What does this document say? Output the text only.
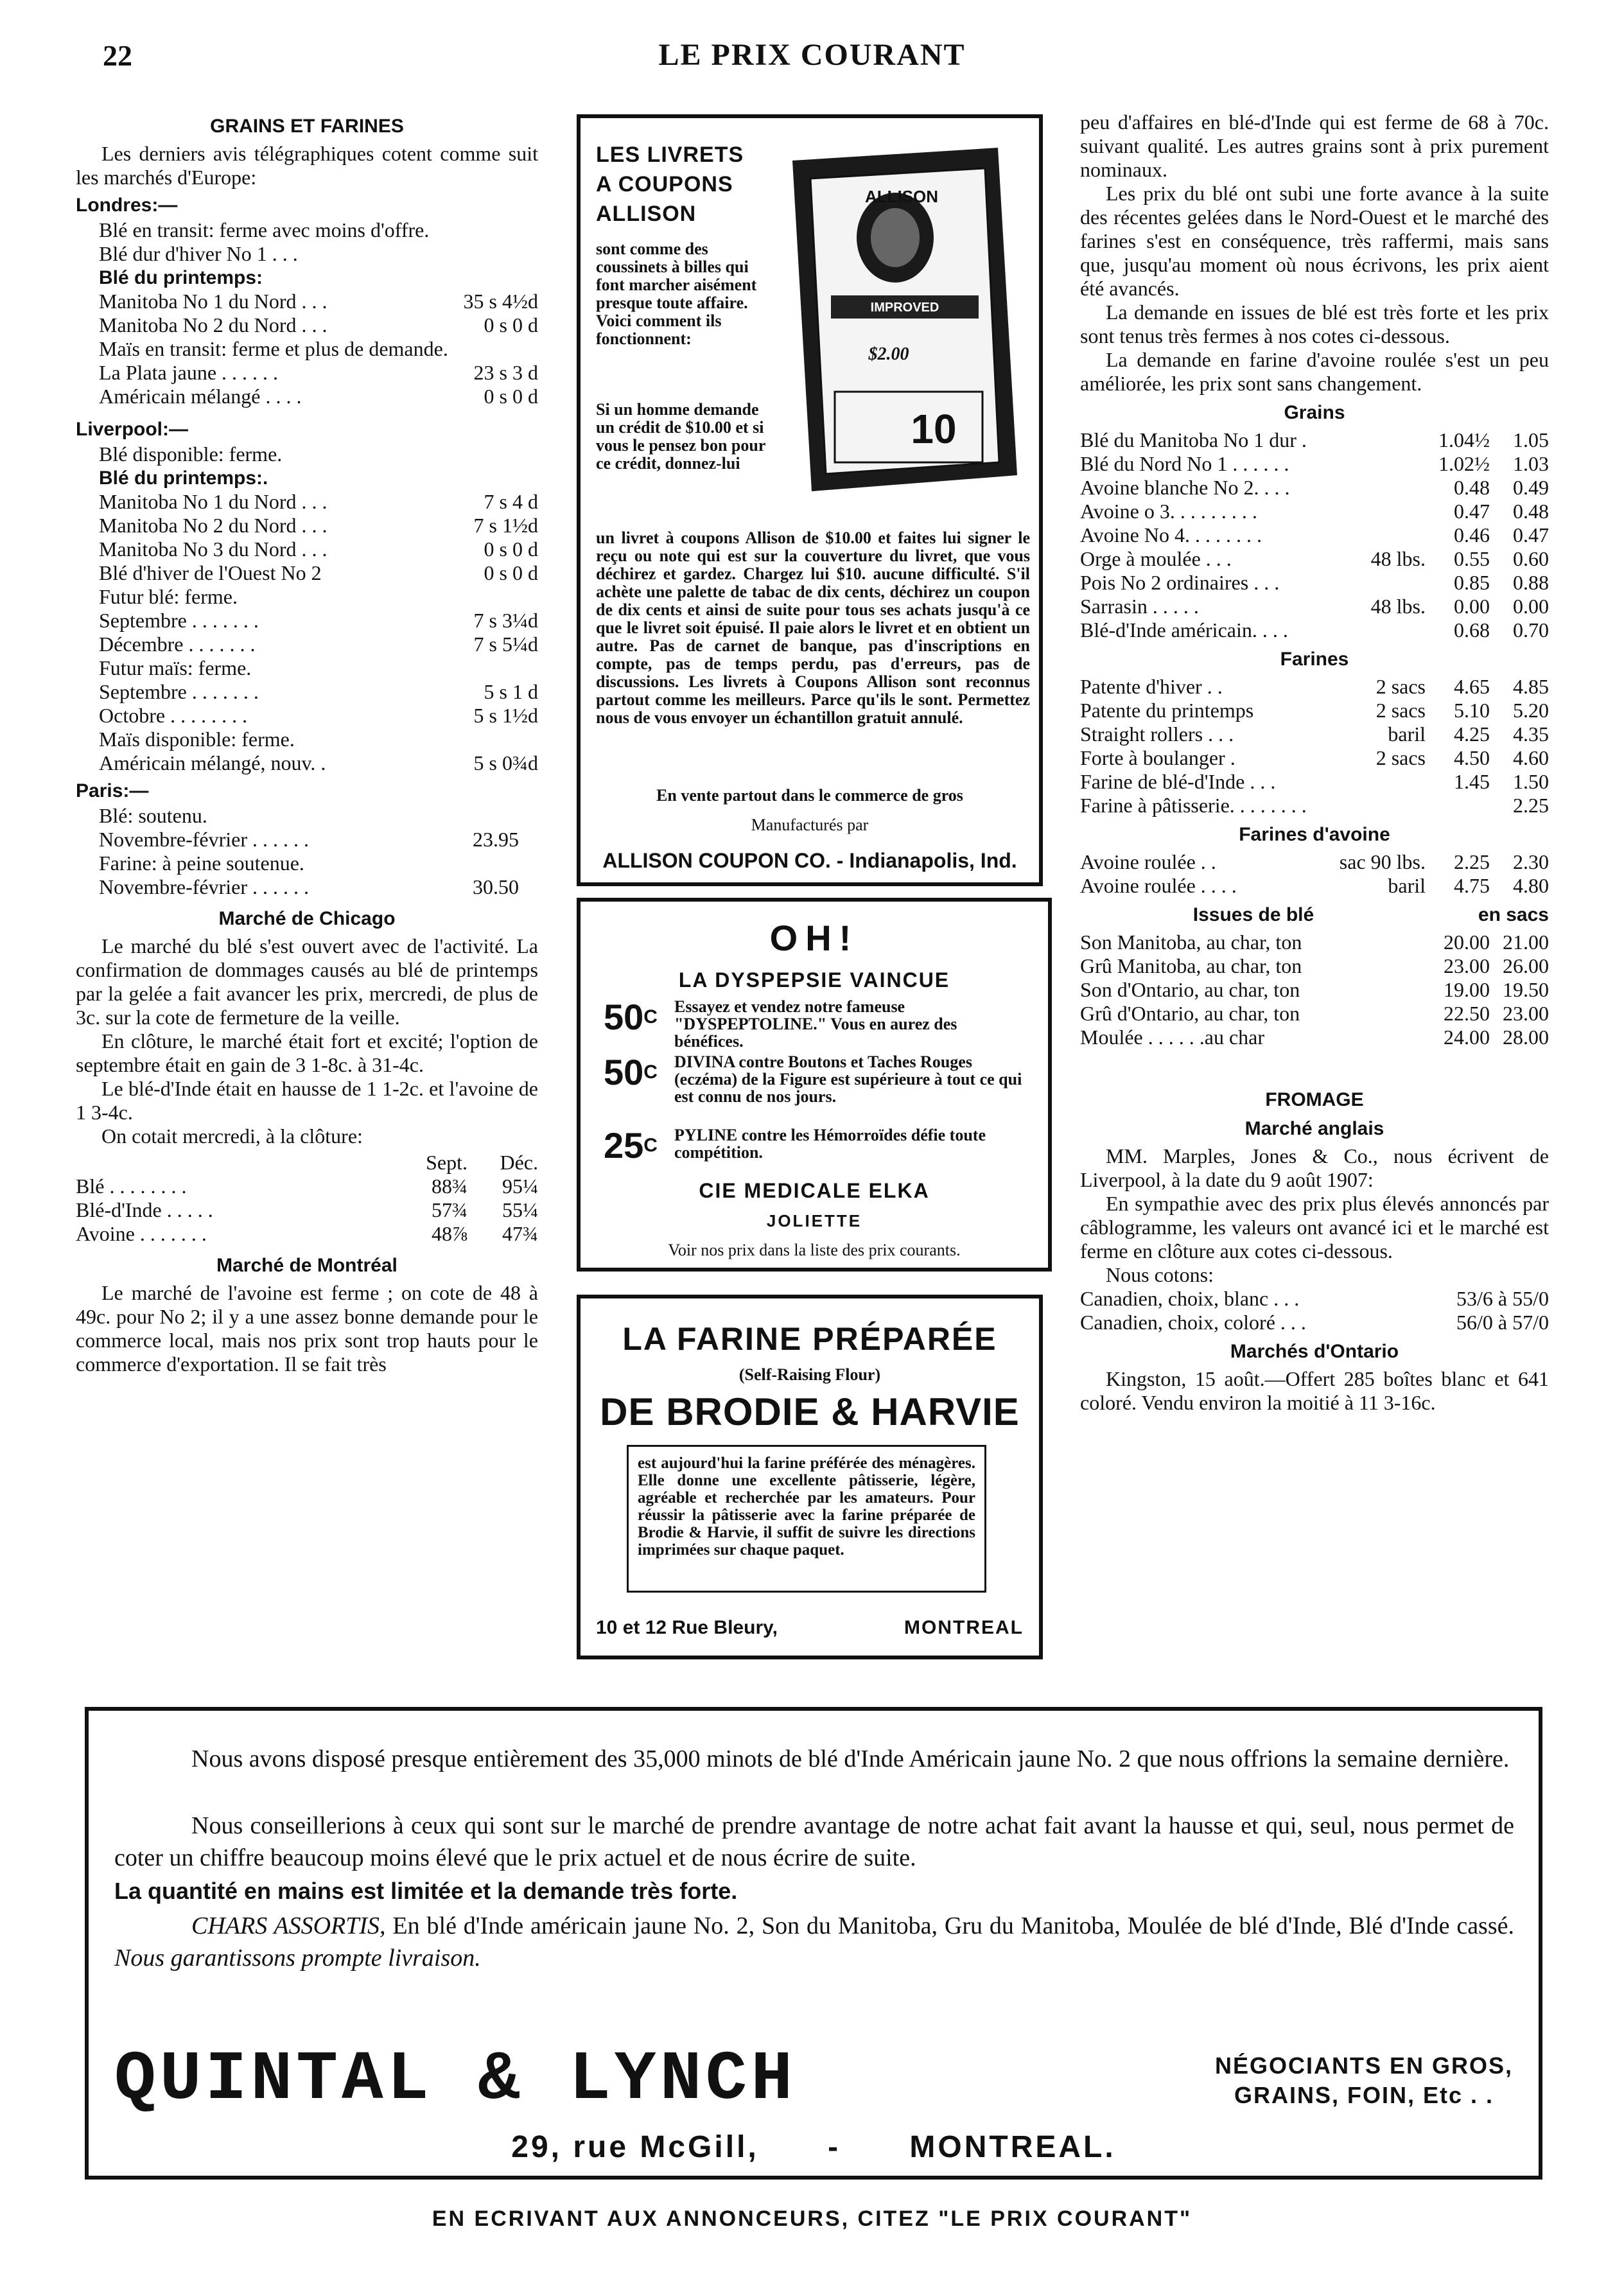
22	LE PRIX COURANT
GRAINS ET FARINES

Les derniers avis télégraphiques cotent comme suit les marchés d'Europe:

Londres:—
Blé en transit: ferme avec moins d'offre.
Blé dur d'hiver No 1 . . .
Blé du printemps:
Manitoba No 1 du Nord . . .	35 s 4½d
Manitoba No 2 du Nord . . .	0 s 0 d
Maïs en transit: ferme et plus de demande.
La Plata jaune . . . . . .	23 s 3 d
Américain mélangé . . . .	0 s 0 d
Liverpool:—
Blé disponible: ferme.
Blé du printemps:.
Manitoba No 1 du Nord . . .	7 s 4 d
Manitoba No 2 du Nord . . .	7 s 1½d
Manitoba No 3 du Nord . . .	0 s 0 d
Blé d'hiver de l'Ouest No 2	0 s 0 d
Futur blé: ferme.
Septembre . . . . . . .	7 s 3¼d
Décembre . . . . . . .	7 s 5¼d
Futur maïs: ferme.
Septembre . . . . . . .	5 s 1 d
Octobre . . . . . . . .	5 s 1½d
Maïs disponible: ferme.
Américain mélangé, nouv. .	5 s 0¾d
Paris:—
Blé: soutenu.
Novembre-février . . . . . .	23.95
Farine: à peine soutenue.
Novembre-février . . . . . .	30.50
Marché de Chicago

Le marché du blé s'est ouvert avec de l'activité. La confirmation de dommages causés au blé de printemps par la gelée a fait avancer les prix, mercredi, de plus de 3c. sur la cote de fermeture de la veille.

En clôture, le marché était fort et excité; l'option de septembre était en gain de 3 1-8c. à 31-4c.

Le blé-d'Inde était en hausse de 1 1-2c. et l'avoine de 1 3-4c.

On cotait mercredi, à la clôture:

Sept.	Déc.
Blé . . . . . . . .	88¾	95¼
Blé-d'Inde . . . . .	57¾	55¼
Avoine . . . . . . .	48⅞	47¾
Marché de Montréal

Le marché de l'avoine est ferme ; on cote de 48 à 49c. pour No 2; il y a une assez bonne demande pour le commerce local, mais nos prix sont trop hauts pour le commerce d'exportation. Il se fait très

peu d'affaires en blé-d'Inde qui est ferme de 68 à 70c. suivant qualité. Les autres grains sont à prix purement nominaux.

Les prix du blé ont subi une forte avance à la suite des récentes gelées dans le Nord-Ouest et le marché des farines s'est en conséquence, très raffermi, mais sans que, jusqu'au moment où nous écrivons, les prix aient été avancés.

La demande en issues de blé est très forte et les prix sont tenus très fermes à nos cotes ci-dessous.

La demande en farine d'avoine roulée s'est un peu améliorée, les prix sont sans changement.

Grains
Blé du Manitoba No 1 dur .	1.04½	1.05
Blé du Nord No 1 . . . . . .	1.02½	1.03
Avoine blanche No 2. . . .	0.48	0.49
Avoine o 3. . . . . . . . .	0.47	0.48
Avoine No 4. . . . . . . .	0.46	0.47
Orge à moulée . . .	48 lbs.	0.55	0.60
Pois No 2 ordinaires . . .	0.85	0.88
Sarrasin . . . . .	48 lbs.	0.00	0.00
Blé-d'Inde américain. . . .	0.68	0.70
Farines
Patente d'hiver . .	2 sacs	4.65	4.85
Patente du printemps	2 sacs	5.10	5.20
Straight rollers . . .	baril	4.25	4.35
Forte à boulanger .	2 sacs	4.50	4.60
Farine de blé-d'Inde . . .	1.45	1.50
Farine à pâtisserie. . . . . . . .	2.25
Farines d'avoine
Avoine roulée . .	sac 90 lbs.	2.25	2.30
Avoine roulée . . . .	baril	4.75	4.80
Issues de blé	en sacs
Son Manitoba, au char, ton	20.00 21.00
Grû Manitoba, au char, ton	23.00 26.00
Son d'Ontario, au char, ton	19.00 19.50
Grû d'Ontario, au char, ton	22.50 23.00
Moulée . . . . . .au char	24.00 28.00
FROMAGE
Marché anglais

MM. Marples, Jones & Co., nous écrivent de Liverpool, à la date du 9 août 1907:

En sympathie avec des prix plus élevés annoncés par câblogramme, les valeurs ont avancé ici et le marché est ferme en clôture aux cotes ci-dessous.

Nous cotons:

Canadien, choix, blanc . . .	53/6 à 55/0
Canadien, choix, coloré . . .	56/0 à 57/0
Marchés d'Ontario

Kingston, 15 août.—Offert 285 boîtes blanc et 641 coloré. Vendu environ la moitié à 11 3-16c.

LES LIVRETS
A COUPONS
ALLISON
sont comme des coussinets à billes qui font marcher aisément presque toute affaire. Voici comment ils fonctionnent:
Si un homme demande un crédit de $10.00 et si vous le pensez bon pour ce crédit, donnez-lui
un livret à coupons Allison de $10.00 et faites lui signer le reçu ou note qui est sur la couverture du livret, que vous déchirez et gardez. Chargez lui $10. aucune difficulté. S'il achète une palette de tabac de dix cents, déchirez un coupon de dix cents et ainsi de suite pour tous ses achats jusqu'à ce que le livret soit épuisé. Il paie alors le livret et en obtient un autre. Pas de carnet de banque, pas d'inscriptions en compte, pas de temps perdu, pas d'erreurs, pas de discussions. Les livrets à Coupons Allison sont reconnus partout comme les meilleurs. Parce qu'ils le sont. Permettez nous de vous envoyer un échantillon gratuit annulé.
IMPROVED
ALLISON
$2.00
10
En vente partout dans le commerce de gros
Manufacturés par
ALLISON COUPON CO. - Indianapolis, Ind.
OH!
LA DYSPEPSIE VAINCUE
$50^C$	Essayez et vendez notre fameuse "DYSPEPTOLINE." Vous en aurez des bénéfices.
$50^C$	DIVINA contre Boutons et Taches Rouges (eczéma) de la Figure est supérieure à tout ce qui est connu de nos jours.
$25^C$	PYLINE contre les Hémorroïdes défie toute compétition.
CIE MEDICALE ELKA
JOLIETTE
Voir nos prix dans la liste des prix courants.
LA FARINE PRÉPARÉE
(Self-Raising Flour)
DE BRODIE & HARVIE
est aujourd'hui la farine préférée des ménagères. Elle donne une excellente pâtisserie, légère, agréable et recherchée par les amateurs. Pour réussir la pâtisserie avec la farine préparée de Brodie & Harvie, il suffit de suivre les directions imprimées sur chaque paquet.
10 et 12 Rue Bleury,	MONTREAL
Nous avons disposé presque entièrement des 35,000 minots de blé d'Inde Américain jaune No. 2 que nous offrions la semaine dernière.
Nous conseillerions à ceux qui sont sur le marché de prendre avantage de notre achat fait avant la hausse et qui, seul, nous permet de coter un chiffre beaucoup moins élevé que le prix actuel et de nous écrire de suite.
La quantité en mains est limitée et la demande très forte.
CHARS ASSORTIS, En blé d'Inde américain jaune No. 2, Son du Manitoba, Gru du Manitoba, Moulée de blé d'Inde, Blé d'Inde cassé. Nous garantissons prompte livraison.
QUINTAL & LYNCH	NÉGOCIANTS EN GROS,
GRAINS, FOIN, Etc . .
29, rue McGill, - MONTREAL.
EN ECRIVANT AUX ANNONCEURS, CITEZ "LE PRIX COURANT"
